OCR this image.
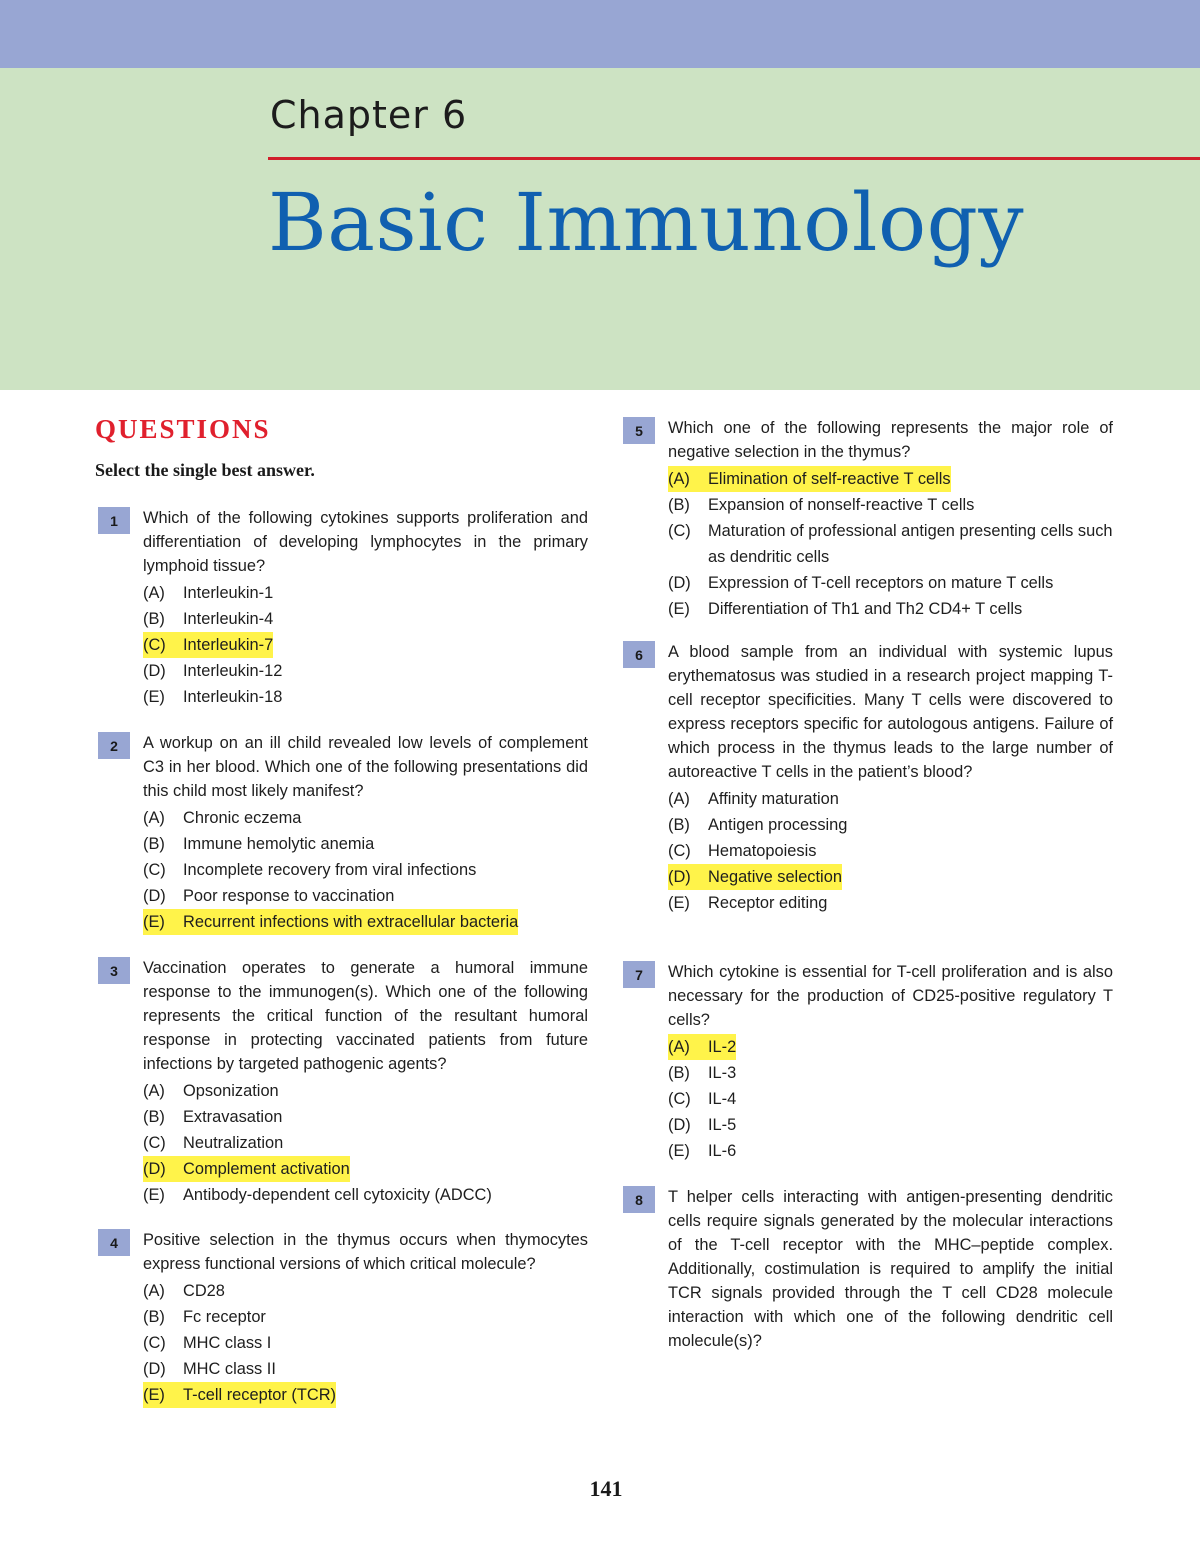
Chapter 6
Basic Immunology
QUESTIONS
Select the single best answer.
1	Which of the following cytokines supports proliferation and differentiation of developing lymphocytes in the primary lymphoid tissue?

(A)	Interleukin-1
(B)	Interleukin-4
(C)	Interleukin-7
(D)	Interleukin-12
(E)	Interleukin-18
2	A workup on an ill child revealed low levels of complement C3 in her blood. Which one of the following presentations did this child most likely manifest?

(A)	Chronic eczema
(B)	Immune hemolytic anemia
(C)	Incomplete recovery from viral infections
(D)	Poor response to vaccination
(E)	Recurrent infections with extracellular bacteria
3	Vaccination operates to generate a humoral immune response to the immunogen(s). Which one of the following represents the critical function of the resultant humoral response in protecting vaccinated patients from future infections by targeted pathogenic agents?

(A)	Opsonization
(B)	Extravasation
(C)	Neutralization
(D)	Complement activation
(E)	Antibody-dependent cell cytoxicity (ADCC)
4	Positive selection in the thymus occurs when thymocytes express functional versions of which critical molecule?

(A)	CD28
(B)	Fc receptor
(C)	MHC class I
(D)	MHC class II
(E)	T-cell receptor (TCR)
5	Which one of the following represents the major role of negative selection in the thymus?

(A)	Elimination of self-reactive T cells
(B)	Expansion of nonself-reactive T cells
(C)	Maturation of professional antigen presenting cells such as dendritic cells
(D)	Expression of T-cell receptors on mature T cells
(E)	Differentiation of Th1 and Th2 CD4+ T cells
6	A blood sample from an individual with systemic lupus erythematosus was studied in a research project mapping T-cell receptor specificities. Many T cells were discovered to express receptors specific for autologous antigens. Failure of which process in the thymus leads to the large number of autoreactive T cells in the patient’s blood?

(A)	Affinity maturation
(B)	Antigen processing
(C)	Hematopoiesis
(D)	Negative selection
(E)	Receptor editing
7	Which cytokine is essential for T-cell proliferation and is also necessary for the production of CD25-positive regulatory T cells?

(A)	IL-2
(B)	IL-3
(C)	IL-4
(D)	IL-5
(E)	IL-6
8	T helper cells interacting with antigen-presenting dendritic cells require signals generated by the molecular interactions of the T-cell receptor with the MHC–peptide complex. Additionally, costimulation is required to amplify the initial TCR signals provided through the T cell CD28 molecule interaction with which one of the following dendritic cell molecule(s)?

141
